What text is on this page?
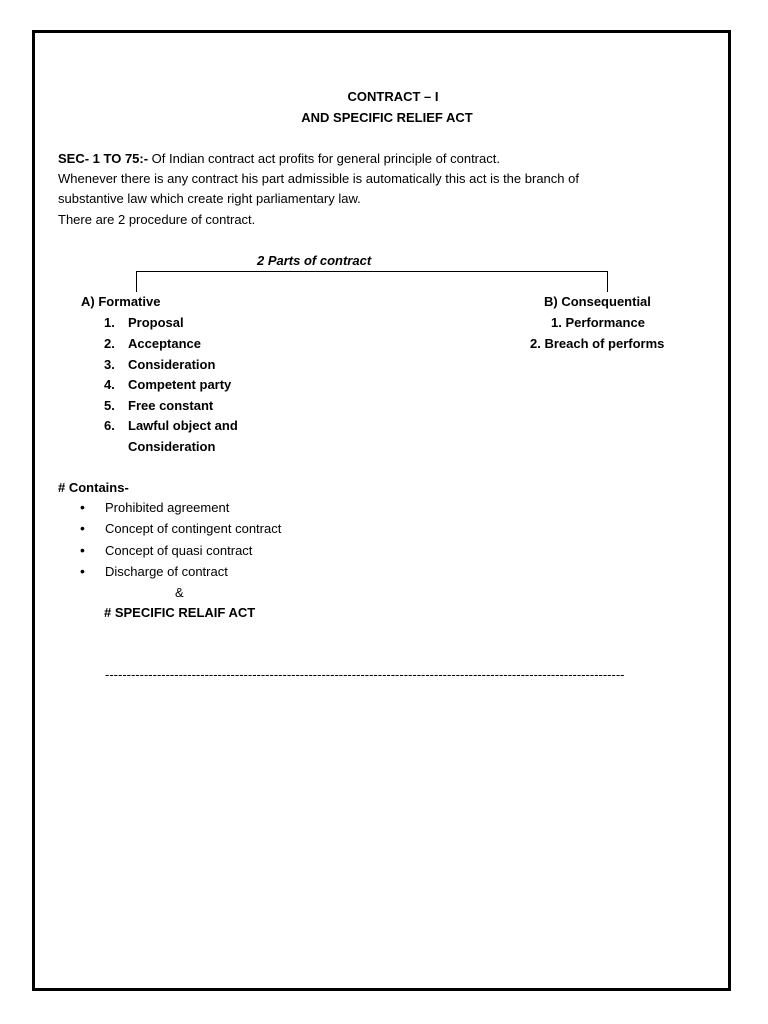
CONTRACT – I
AND SPECIFIC RELIEF ACT
SEC- 1 TO 75:- Of Indian contract act profits for general principle of contract.
Whenever there is any contract his part admissible is automatically this act is the branch of
substantive law which create right parliamentary law.
There are 2 procedure of contract.
2 Parts of contract
A) Formative
1.	Proposal
2.	Acceptance
3.	Consideration
4.	Competent party
5.	Free constant
6.	Lawful object and
Consideration
B) Consequential
1. Performance
2. Breach of performs
# Contains-
• Prohibited agreement
• Concept of contingent contract
• Concept of quasi contract
• Discharge of contract
&
# SPECIFIC RELAIF ACT
------------------------------------------------------------------------------------------------------------------------
